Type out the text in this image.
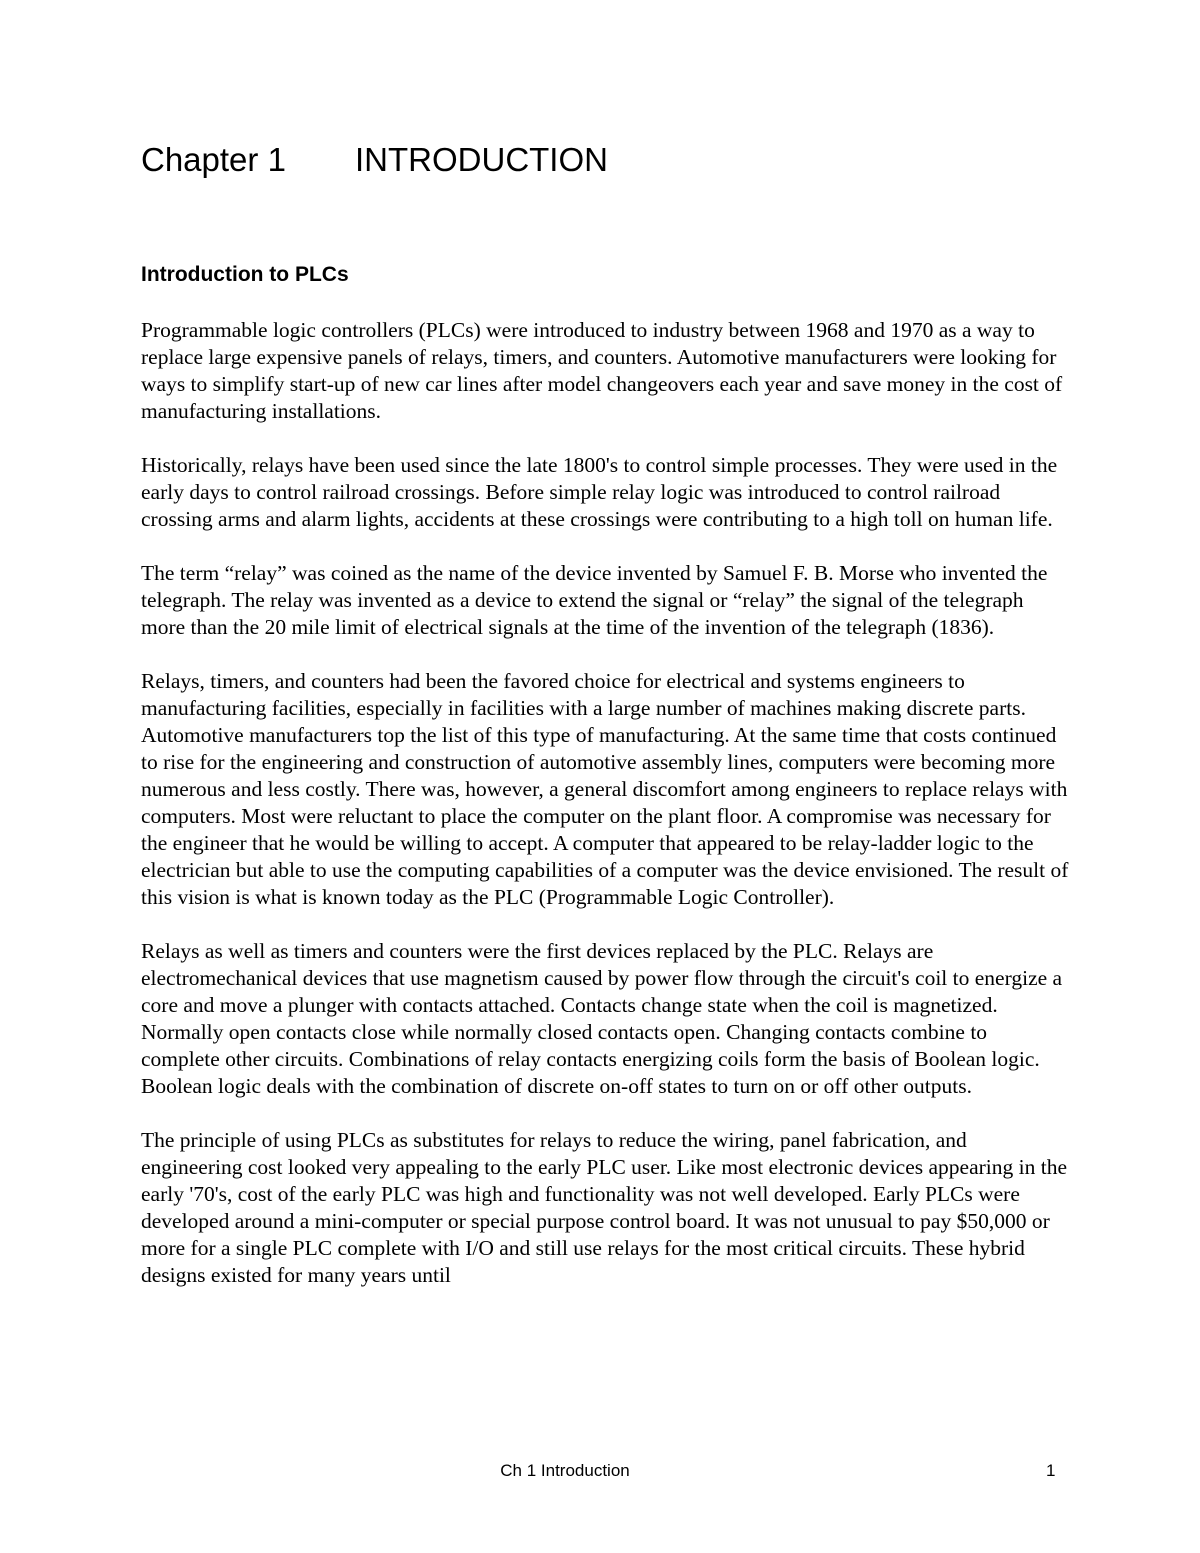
Chapter 1 INTRODUCTION
Introduction to PLCs

Programmable logic controllers (PLCs) were introduced to industry between 1968 and 1970 as a way to replace large expensive panels of relays, timers, and counters. Automotive manufacturers were looking for ways to simplify start-up of new car lines after model changeovers each year and save money in the cost of manufacturing installations.

Historically, relays have been used since the late 1800's to control simple processes. They were used in the early days to control railroad crossings. Before simple relay logic was introduced to control railroad crossing arms and alarm lights, accidents at these crossings were contributing to a high toll on human life.

The term “relay” was coined as the name of the device invented by Samuel F. B. Morse who invented the telegraph. The relay was invented as a device to extend the signal or “relay” the signal of the telegraph more than the 20 mile limit of electrical signals at the time of the invention of the telegraph (1836).

Relays, timers, and counters had been the favored choice for electrical and systems engineers to manufacturing facilities, especially in facilities with a large number of machines making discrete parts. Automotive manufacturers top the list of this type of manufacturing. At the same time that costs continued to rise for the engineering and construction of automotive assembly lines, computers were becoming more numerous and less costly. There was, however, a general discomfort among engineers to replace relays with computers. Most were reluctant to place the computer on the plant floor. A compromise was necessary for the engineer that he would be willing to accept. A computer that appeared to be relay-ladder logic to the electrician but able to use the computing capabilities of a computer was the device envisioned. The result of this vision is what is known today as the PLC (Programmable Logic Controller).

Relays as well as timers and counters were the first devices replaced by the PLC. Relays are electromechanical devices that use magnetism caused by power flow through the circuit's coil to energize a core and move a plunger with contacts attached. Contacts change state when the coil is magnetized. Normally open contacts close while normally closed contacts open. Changing contacts combine to complete other circuits. Combinations of relay contacts energizing coils form the basis of Boolean logic. Boolean logic deals with the combination of discrete on-off states to turn on or off other outputs.

The principle of using PLCs as substitutes for relays to reduce the wiring, panel fabrication, and engineering cost looked very appealing to the early PLC user. Like most electronic devices appearing in the early '70's, cost of the early PLC was high and functionality was not well developed. Early PLCs were developed around a mini-computer or special purpose control board. It was not unusual to pay $50,000 or more for a single PLC complete with I/O and still use relays for the most critical circuits. These hybrid designs existed for many years until

Ch 1 Introduction	1
